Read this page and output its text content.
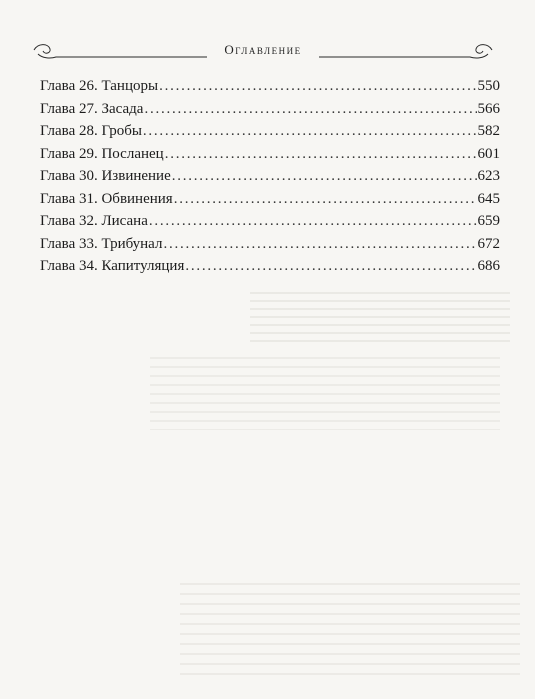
Оглавление
Глава 26. Танцоры . . .	550
Глава 27. Засада . . .	566
Глава 28. Гробы . . .	582
Глава 29. Посланец . . .	601
Глава 30. Извинение . . .	623
Глава 31. Обвинения . . .	645
Глава 32. Лисана . . .	659
Глава 33. Трибунал . . .	672
Глава 34. Капитуляция . . .	686
